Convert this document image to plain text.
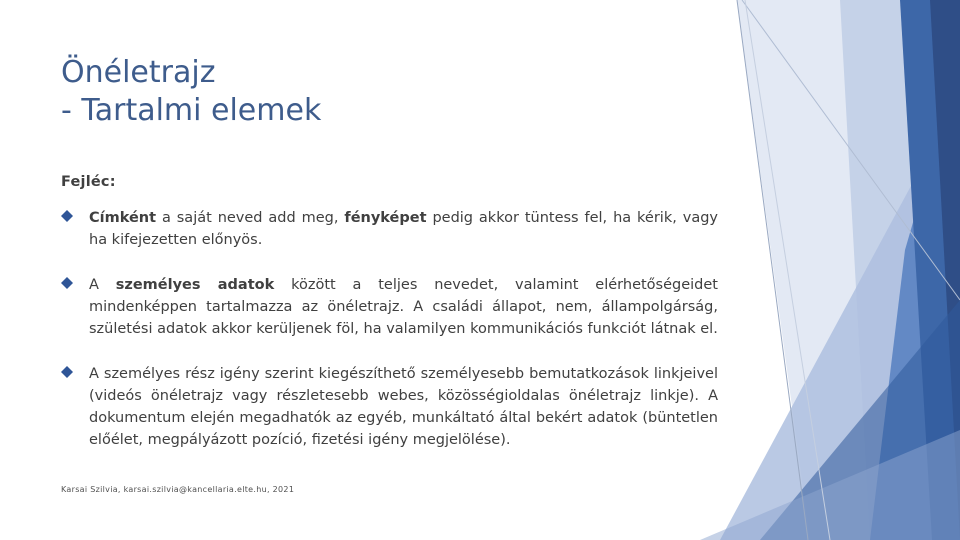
Önéletrajz
- Tartalmi elemek
Fejléc:
Címként a saját neved add meg, fényképet pedig akkor tüntess fel, ha kérik, vagy ha kifejezetten előnyös.
A személyes adatok között a teljes nevedet, valamint elérhetőségeidet mindenképpen tartalmazza az önéletrajz. A családi állapot, nem, állampolgárság, születési adatok akkor kerüljenek föl, ha valamilyen kommunikációs funkciót látnak el.
A személyes rész igény szerint kiegészíthető személyesebb bemutatkozások linkjeivel (videós önéletrajz vagy részletesebb webes, közösségioldalas önéletrajz linkje). A dokumentum elején megadhatók az egyéb, munkáltató által bekért adatok (büntetlen előélet, megpályázott pozíció, fizetési igény megjelölése).
Karsai Szilvia, karsai.szilvia@kancellaria.elte.hu, 2021
